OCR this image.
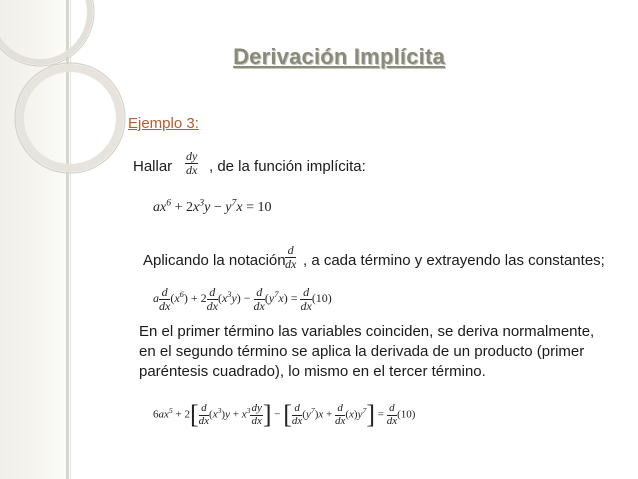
Derivación Implícita
Ejemplo 3:
Hallar $\frac{dy}{dx}$ , de la función implícita:
$ax^6 + 2x^3y - y^7x = 10$
Aplicando la notación $\frac{d}{dx}$ , a cada término y extrayendo las constantes;
a $\frac{d}{dx} (x^6) + 2 \frac{d}{dx} (x^3y) - \frac{d}{dx} (y^7x) = \frac{d}{dx} (10)$
En el primer término las variables coinciden, se deriva normalmente, en el segundo término se aplica la derivada de un producto (primer paréntesis cuadrado), lo mismo en el tercer término.
$6ax^5 + 2[ \frac{d}{dx} (x^3)y + x^3 \frac{dy}{dx}$ ] − [ $\frac{d}{dx} (y^7)x + \frac{d}{dx} (x)y^7] = \frac{d}{dx} (10)$
